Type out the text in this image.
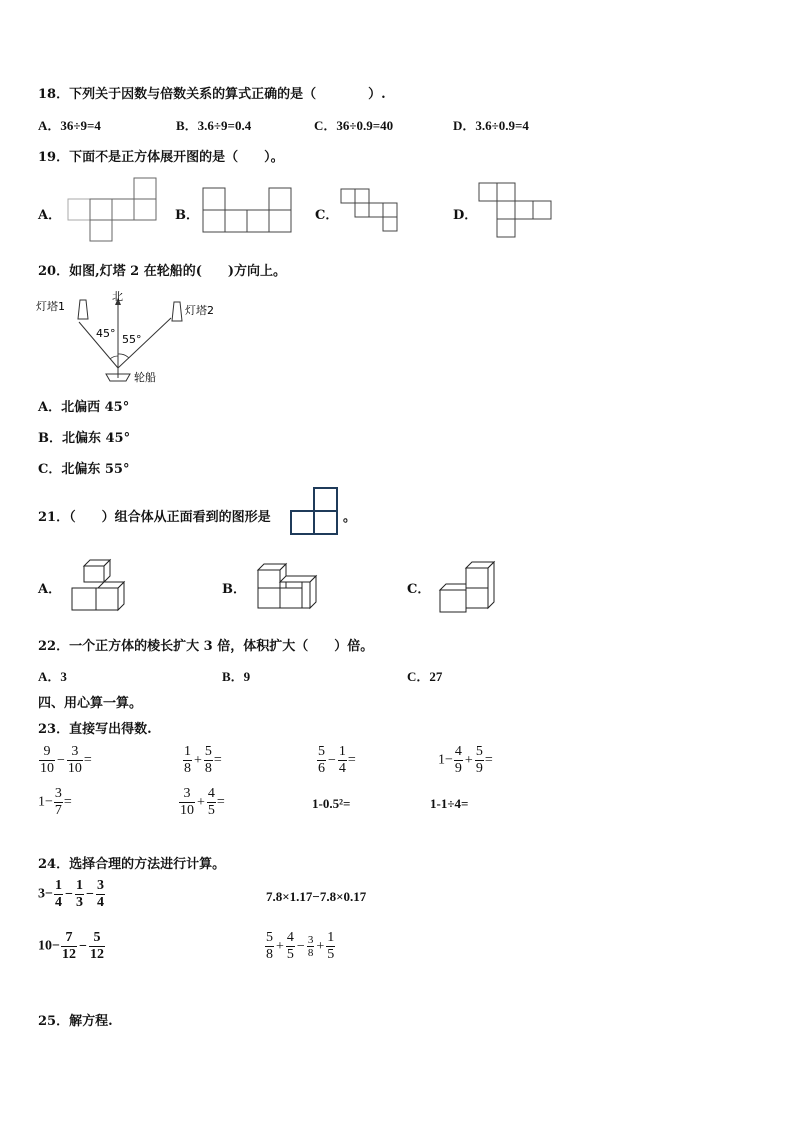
18．下列关于因数与倍数关系的算式正确的是（　　　　）.
A．36÷9=4	B．3.6÷9=0.4	C．36÷0.9=40	D．3.6÷0.9=4
19．下面不是正方体展开图的是（　　）。
A．	B．	C．	D．
20．如图,灯塔 2 在轮船的(　　)方向上。
北
灯塔1	灯塔2
45° 55°
轮船
A．北偏西 45°
B．北偏东 45°
C．北偏东 55°
21．（　　）组合体从正面看到的图形是	。
A．	B．	C．
22．一个正方体的棱长扩大 3 倍，体积扩大（　　）倍。
A．3	B．9	C．27
四、用心算一算。
23．直接写出得数.
$\frac{9}{10} - \frac{3}{10}$ =	$\frac{1}{8} + \frac{5}{8}$ =	$\frac{5}{6} - \frac{1}{4}$ =	$1- \frac{4}{9} + \frac{5}{9}$ =
$1- \frac{3}{7}$ =	$\frac{3}{10} + \frac{4}{5}$ =	1-0.5²=	1-1÷4=
24．选择合理的方法进行计算。
$3- \frac{1}{4} - \frac{1}{3} - \frac{3}{4}$	7.8×1.17−7.8×0.17
$10- \frac{7}{12} - \frac{5}{12}$	$\frac{5}{8} + \frac{4}{5} - \frac{3}{8} + \frac{1}{5}$
25．解方程.
